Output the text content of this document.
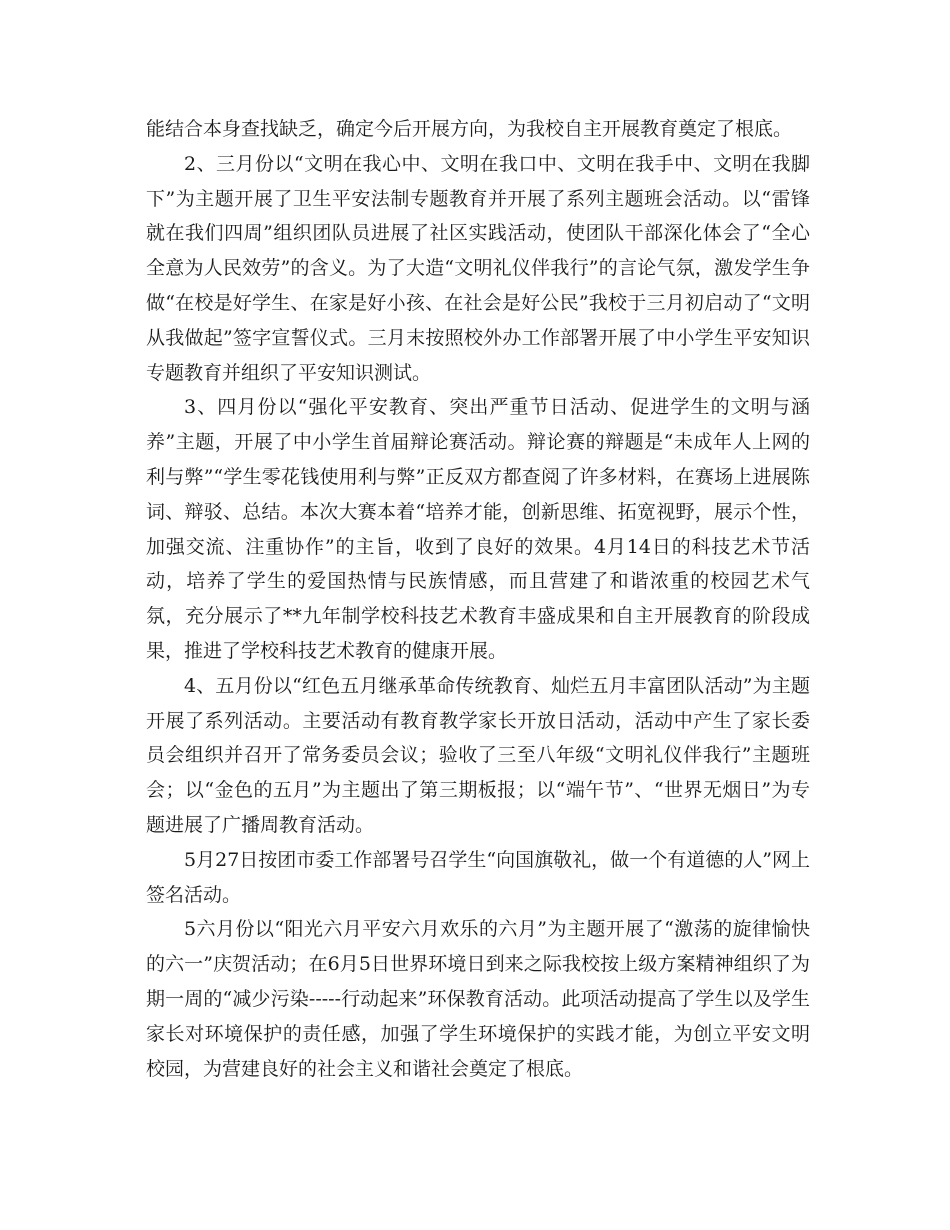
能结合本身查找缺乏，确定今后开展方向，为我校自主开展教育奠定了根底。

2、三月份以“文明在我心中、文明在我口中、文明在我手中、文明在我脚下”为主题开展了卫生平安法制专题教育并开展了系列主题班会活动。以“雷锋就在我们四周”组织团队员进展了社区实践活动，使团队干部深化体会了“全心全意为人民效劳”的含义。为了大造“文明礼仪伴我行”的言论气氛，激发学生争做“在校是好学生、在家是好小孩、在社会是好公民”我校于三月初启动了“文明从我做起”签字宣誓仪式。三月末按照校外办工作部署开展了中小学生平安知识专题教育并组织了平安知识测试。

3、四月份以“强化平安教育、突出严重节日活动、促进学生的文明与涵养”主题，开展了中小学生首届辩论赛活动。辩论赛的辩题是“未成年人上网的利与弊”“学生零花钱使用利与弊”正反双方都查阅了许多材料，在赛场上进展陈词、辩驳、总结。本次大赛本着“培养才能，创新思维、拓宽视野，展示个性，加强交流、注重协作”的主旨，收到了良好的效果。4月14日的科技艺术节活动，培养了学生的爱国热情与民族情感，而且营建了和谐浓重的校园艺术气氛，充分展示了**九年制学校科技艺术教育丰盛成果和自主开展教育的阶段成果，推进了学校科技艺术教育的健康开展。

4、五月份以“红色五月继承革命传统教育、灿烂五月丰富团队活动”为主题开展了系列活动。主要活动有教育教学家长开放日活动，活动中产生了家长委员会组织并召开了常务委员会议；验收了三至八年级“文明礼仪伴我行”主题班会；以“金色的五月”为主题出了第三期板报；以“端午节”、“世界无烟日”为专题进展了广播周教育活动。

5月27日按团市委工作部署号召学生“向国旗敬礼，做一个有道德的人”网上签名活动。

5六月份以“阳光六月平安六月欢乐的六月”为主题开展了“激荡的旋律愉快的六一”庆贺活动；在6月5日世界环境日到来之际我校按上级方案精神组织了为期一周的“减少污染-----行动起来”环保教育活动。此项活动提高了学生以及学生家长对环境保护的责任感，加强了学生环境保护的实践才能，为创立平安文明校园，为营建良好的社会主义和谐社会奠定了根底。
